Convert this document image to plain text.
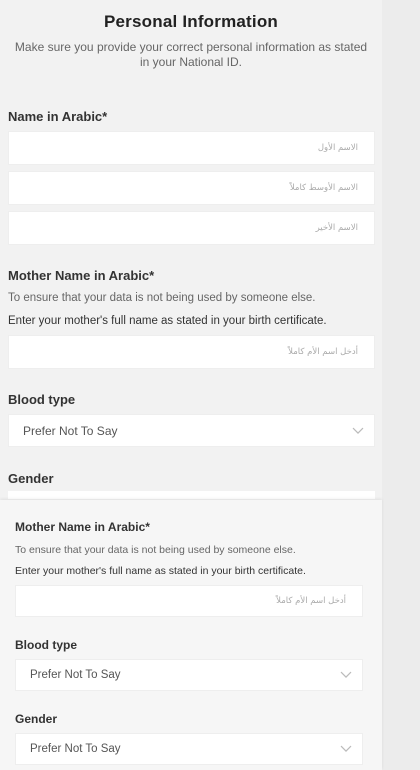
Personal Information
Make sure you provide your correct personal information as stated in your National ID.
Name in Arabic*
الاسم الأول
الاسم الأوسط كاملاً
الاسم الأخير
Mother Name in Arabic*
To ensure that your data is not being used by someone else.
Enter your mother's full name as stated in your birth certificate.
أدخل اسم الأم كاملاً
Blood type
Prefer Not To Say
Gender
Mother Name in Arabic*
To ensure that your data is not being used by someone else.
Enter your mother's full name as stated in your birth certificate.
أدخل اسم الأم كاملاً
Blood type
Prefer Not To Say
Gender
Prefer Not To Say
